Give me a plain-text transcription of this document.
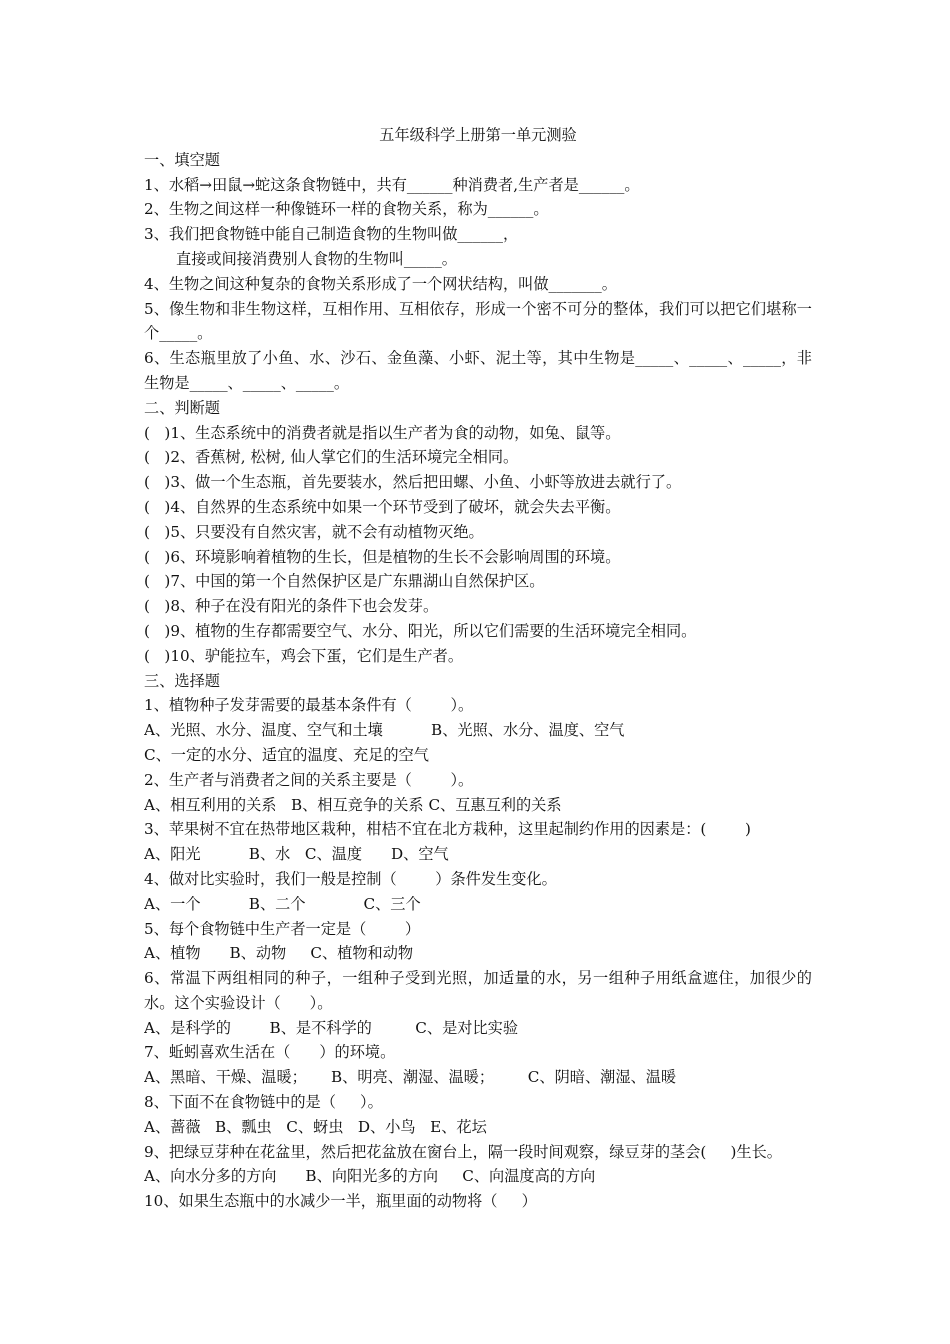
五年级科学上册第一单元测验
一、填空题
1、水稻→田鼠→蛇这条食物链中，共有______种消费者,生产者是______。
2、生物之间这样一种像链环一样的食物关系，称为______。
3、我们把食物链中能自己制造食物的生物叫做______，
直接或间接消费别人食物的生物叫_____。
4、生物之间这种复杂的食物关系形成了一个网状结构，叫做_______。
5、像生物和非生物这样，互相作用、互相依存，形成一个密不可分的整体，我们可以把它们堪称一个_____。
6、生态瓶里放了小鱼、水、沙石、金鱼藻、小虾、泥土等，其中生物是_____、_____、_____，非生物是_____、_____、_____。
二、判断题
(   )1、生态系统中的消费者就是指以生产者为食的动物，如兔、鼠等。
(   )2、香蕉树, 松树, 仙人掌它们的生活环境完全相同。
(   )3、做一个生态瓶，首先要装水，然后把田螺、小鱼、小虾等放进去就行了。
(   )4、自然界的生态系统中如果一个环节受到了破坏，就会失去平衡。
(   )5、只要没有自然灾害，就不会有动植物灭绝。
(   )6、环境影响着植物的生长，但是植物的生长不会影响周围的环境。
(   )7、中国的第一个自然保护区是广东鼎湖山自然保护区。
(   )8、种子在没有阳光的条件下也会发芽。
(   )9、植物的生存都需要空气、水分、阳光，所以它们需要的生活环境完全相同。
(   )10、驴能拉车，鸡会下蛋，它们是生产者。
三、选择题
1、植物种子发芽需要的最基本条件有（        ）。
A、光照、水分、温度、空气和土壤          B、光照、水分、温度、空气
C、一定的水分、适宜的温度、充足的空气
2、生产者与消费者之间的关系主要是（        ）。
A、相互利用的关系   B、相互竞争的关系 C、互惠互利的关系
3、苹果树不宜在热带地区栽种，柑桔不宜在北方栽种，这里起制约作用的因素是：(        )
A、阳光          B、水   C、温度      D、空气
4、做对比实验时，我们一般是控制（        ）条件发生变化。
A、一个          B、二个            C、三个
5、每个食物链中生产者一定是（        ）
A、植物      B、动物     C、植物和动物
6、常温下两组相同的种子，一组种子受到光照，加适量的水，另一组种子用纸盒遮住，加很少的水。这个实验设计（      ）。
A、是科学的        B、是不科学的         C、是对比实验
7、蚯蚓喜欢生活在（      ）的环境。
A、黑暗、干燥、温暖；     B、明亮、潮湿、温暖；       C、阴暗、潮湿、温暖
8、下面不在食物链中的是（     ）。
A、蔷薇   B、瓢虫   C、蚜虫   D、小鸟   E、花坛
9、把绿豆芽种在花盆里，然后把花盆放在窗台上，隔一段时间观察，绿豆芽的茎会(     )生长。
A、向水分多的方向      B、向阳光多的方向     C、向温度高的方向
10、如果生态瓶中的水减少一半，瓶里面的动物将（     ）
